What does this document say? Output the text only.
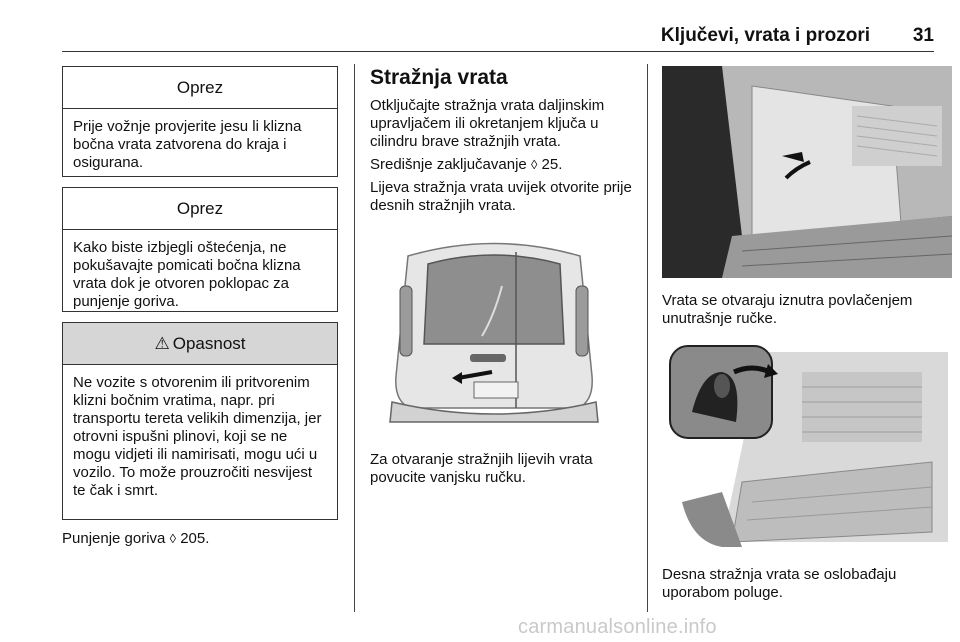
Ključevi, vrata i prozori 31
Oprez
Prije vožnje provjerite jesu li klizna bočna vrata zatvorena do kraja i osigurana.
Oprez
Kako biste izbjegli oštećenja, ne pokušavajte pomicati bočna klizna vrata dok je otvoren poklopac za punjenje goriva.
⚠ Opasnost
Ne vozite s otvorenim ili pritvorenim klizni bočnim vratima, napr. pri transportu tereta velikih dimenzija, jer otrovni ispušni plinovi, koji se ne mogu vidjeti ili namirisati, mogu ući u vozilo. To može prouzročiti nesvijest te čak i smrt.
Punjenje goriva ◊ 205.
Stražnja vrata
Otključajte stražnja vrata daljinskim upravljačem ili okretanjem ključa u cilindru brave stražnjih vrata.
Središnje zaključavanje ◊ 25.
Lijeva stražnja vrata uvijek otvorite prije desnih stražnjih vrata.
Za otvaranje stražnjih lijevih vrata povucite vanjsku ručku.
Vrata se otvaraju iznutra povlačenjem unutrašnje ručke.
Desna stražnja vrata se oslobađaju uporabom poluge.
carmanualsonline.info
